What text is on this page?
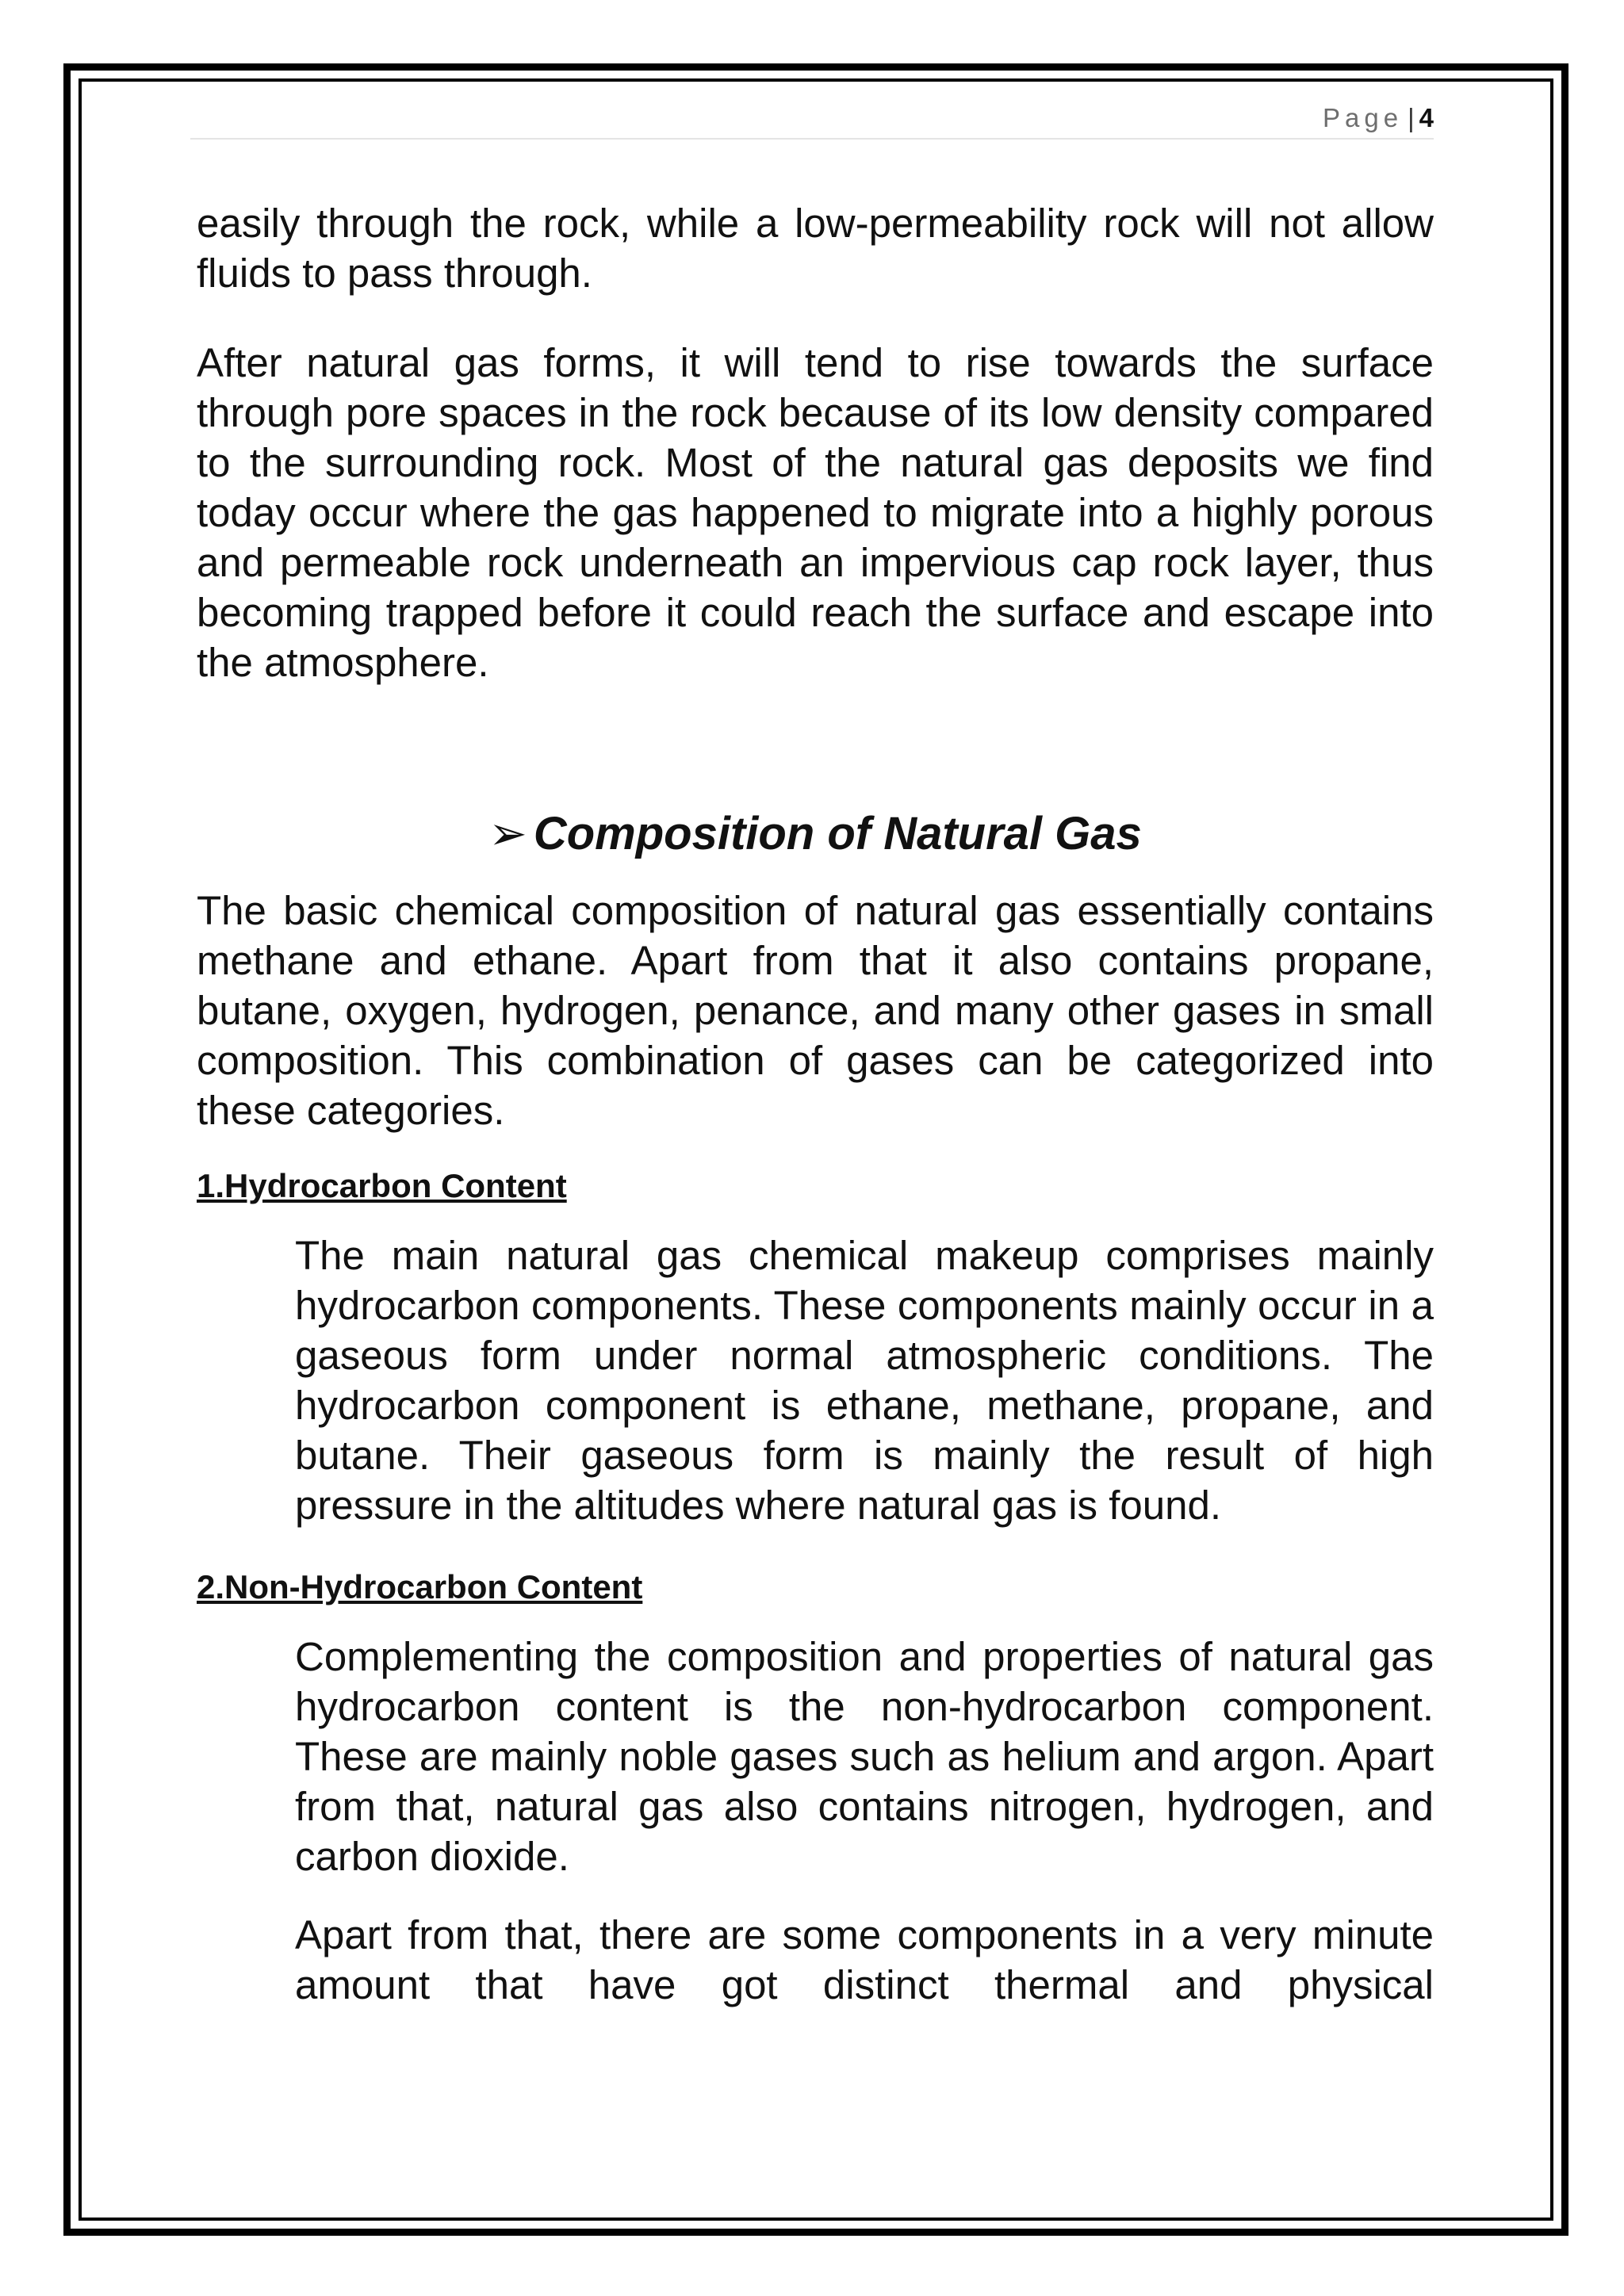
Page | 4

easily through the rock, while a low-permeability rock will not allow fluids to pass through.

After natural gas forms, it will tend to rise towards the surface through pore spaces in the rock because of its low density compared to the surrounding rock. Most of the natural gas deposits we find today occur where the gas happened to migrate into a highly porous and permeable rock underneath an impervious cap rock layer, thus becoming trapped before it could reach the surface and escape into the atmosphere.

➢ Composition of Natural Gas

The basic chemical composition of natural gas essentially contains methane and ethane. Apart from that it also contains propane, butane, oxygen, hydrogen, penance, and many other gases in small composition. This combination of gases can be categorized into these categories.

1.Hydrocarbon Content

The main natural gas chemical makeup comprises mainly hydrocarbon components. These components mainly occur in a gaseous form under normal atmospheric conditions. The hydrocarbon component is ethane, methane, propane, and butane. Their gaseous form is mainly the result of high pressure in the altitudes where natural gas is found.

2.Non-Hydrocarbon Content

Complementing the composition and properties of natural gas hydrocarbon content is the non-hydrocarbon component. These are mainly noble gases such as helium and argon. Apart from that, natural gas also contains nitrogen, hydrogen, and carbon dioxide.

Apart from that, there are some components in a very minute amount that have got distinct thermal and physical
